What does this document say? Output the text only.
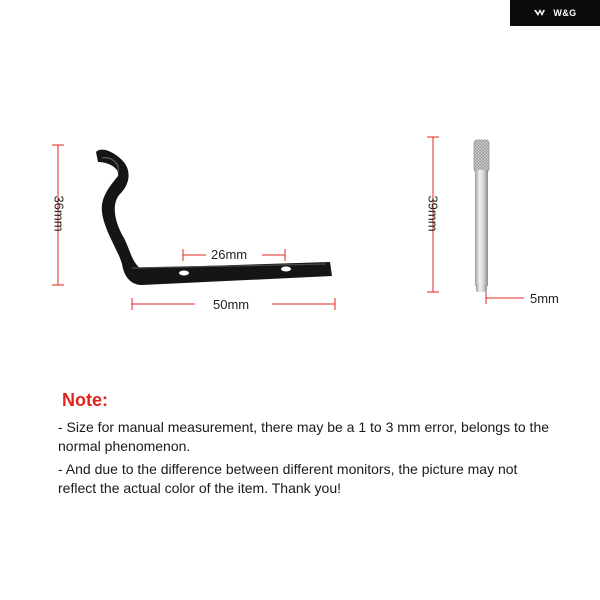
W&G
36mm
26mm
50mm
39mm
5mm
Note:
- Size for manual measurement, there may be a 1 to 3 mm error, belongs to the normal phenomenon.
- And due to the difference between different monitors, the picture may not reflect the actual color of the item. Thank you!
